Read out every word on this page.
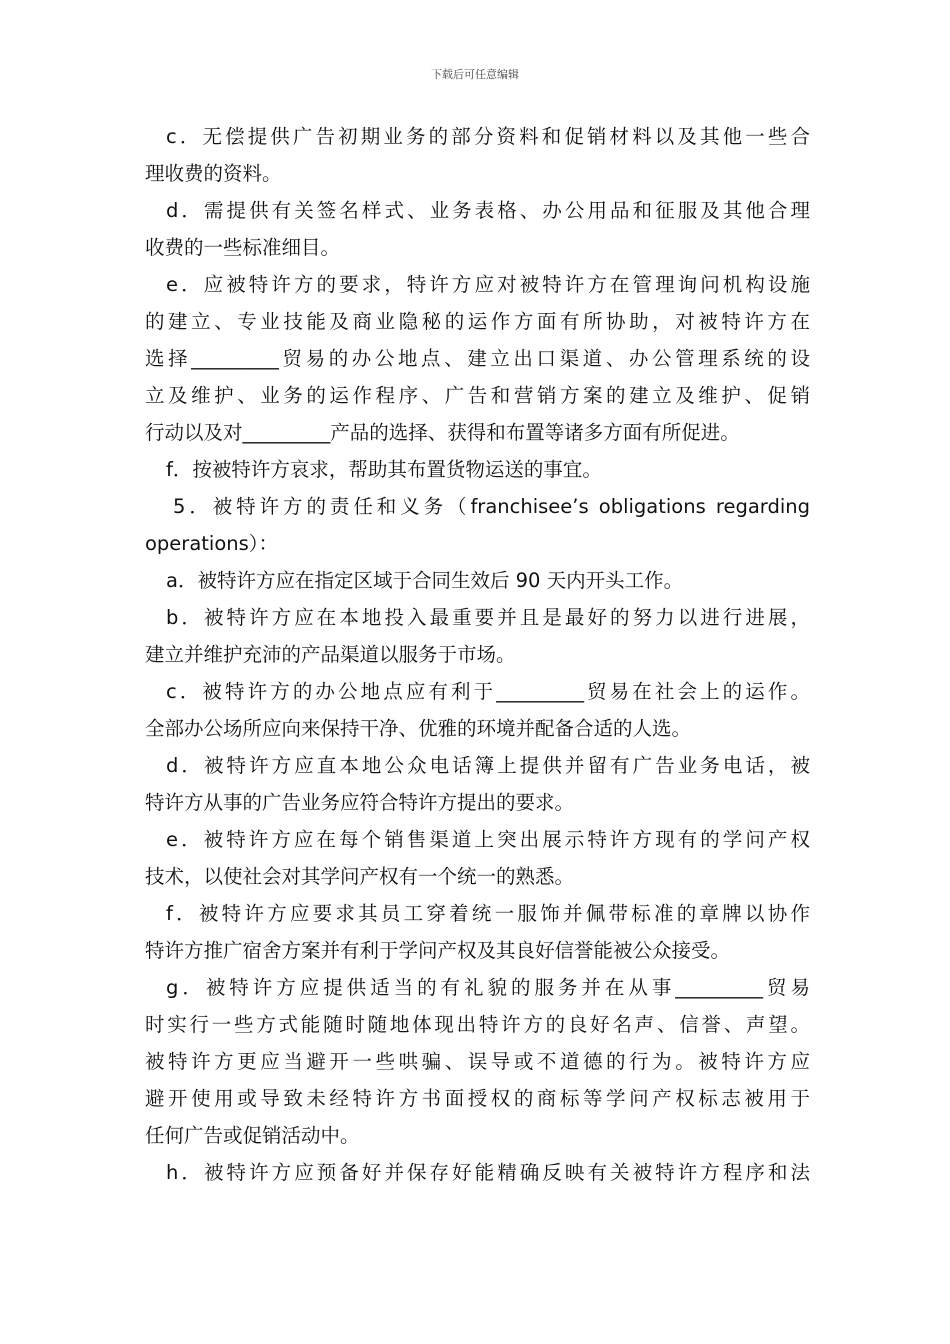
下载后可任意编辑
c．无偿提供广告初期业务的部分资料和促销材料以及其他一些合
理收费的资料。
d．需提供有关签名样式、业务表格、办公用品和征服及其他合理
收费的一些标准细目。
e．应被特许方的要求，特许方应对被特许方在管理询问机构设施
的建立、专业技能及商业隐秘的运作方面有所协助，对被特许方在
选择_________贸易的办公地点、建立出口渠道、办公管理系统的设
立及维护、业务的运作程序、广告和营销方案的建立及维护、促销
行动以及对_________产品的选择、获得和布置等诸多方面有所促进。
f．按被特许方哀求，帮助其布置货物运送的事宜。
5．被特许方的责任和义务（franchisee’s obligations regarding
operations）：
a．被特许方应在指定区域于合同生效后 90 天内开头工作。
b．被特许方应在本地投入最重要并且是最好的努力以进行进展，
建立并维护充沛的产品渠道以服务于市场。
c．被特许方的办公地点应有利于_________贸易在社会上的运作。
全部办公场所应向来保持干净、优雅的环境并配备合适的人选。
d．被特许方应直本地公众电话簿上提供并留有广告业务电话，被
特许方从事的广告业务应符合特许方提出的要求。
e．被特许方应在每个销售渠道上突出展示特许方现有的学问产权
技术，以使社会对其学问产权有一个统一的熟悉。
f．被特许方应要求其员工穿着统一服饰并佩带标准的章牌以协作
特许方推广宿舍方案并有利于学问产权及其良好信誉能被公众接受。
g．被特许方应提供适当的有礼貌的服务并在从事_________贸易
时实行一些方式能随时随地体现出特许方的良好名声、信誉、声望。
被特许方更应当避开一些哄骗、误导或不道德的行为。被特许方应
避开使用或导致未经特许方书面授权的商标等学问产权标志被用于
任何广告或促销活动中。
h．被特许方应预备好并保存好能精确反映有关被特许方程序和法
